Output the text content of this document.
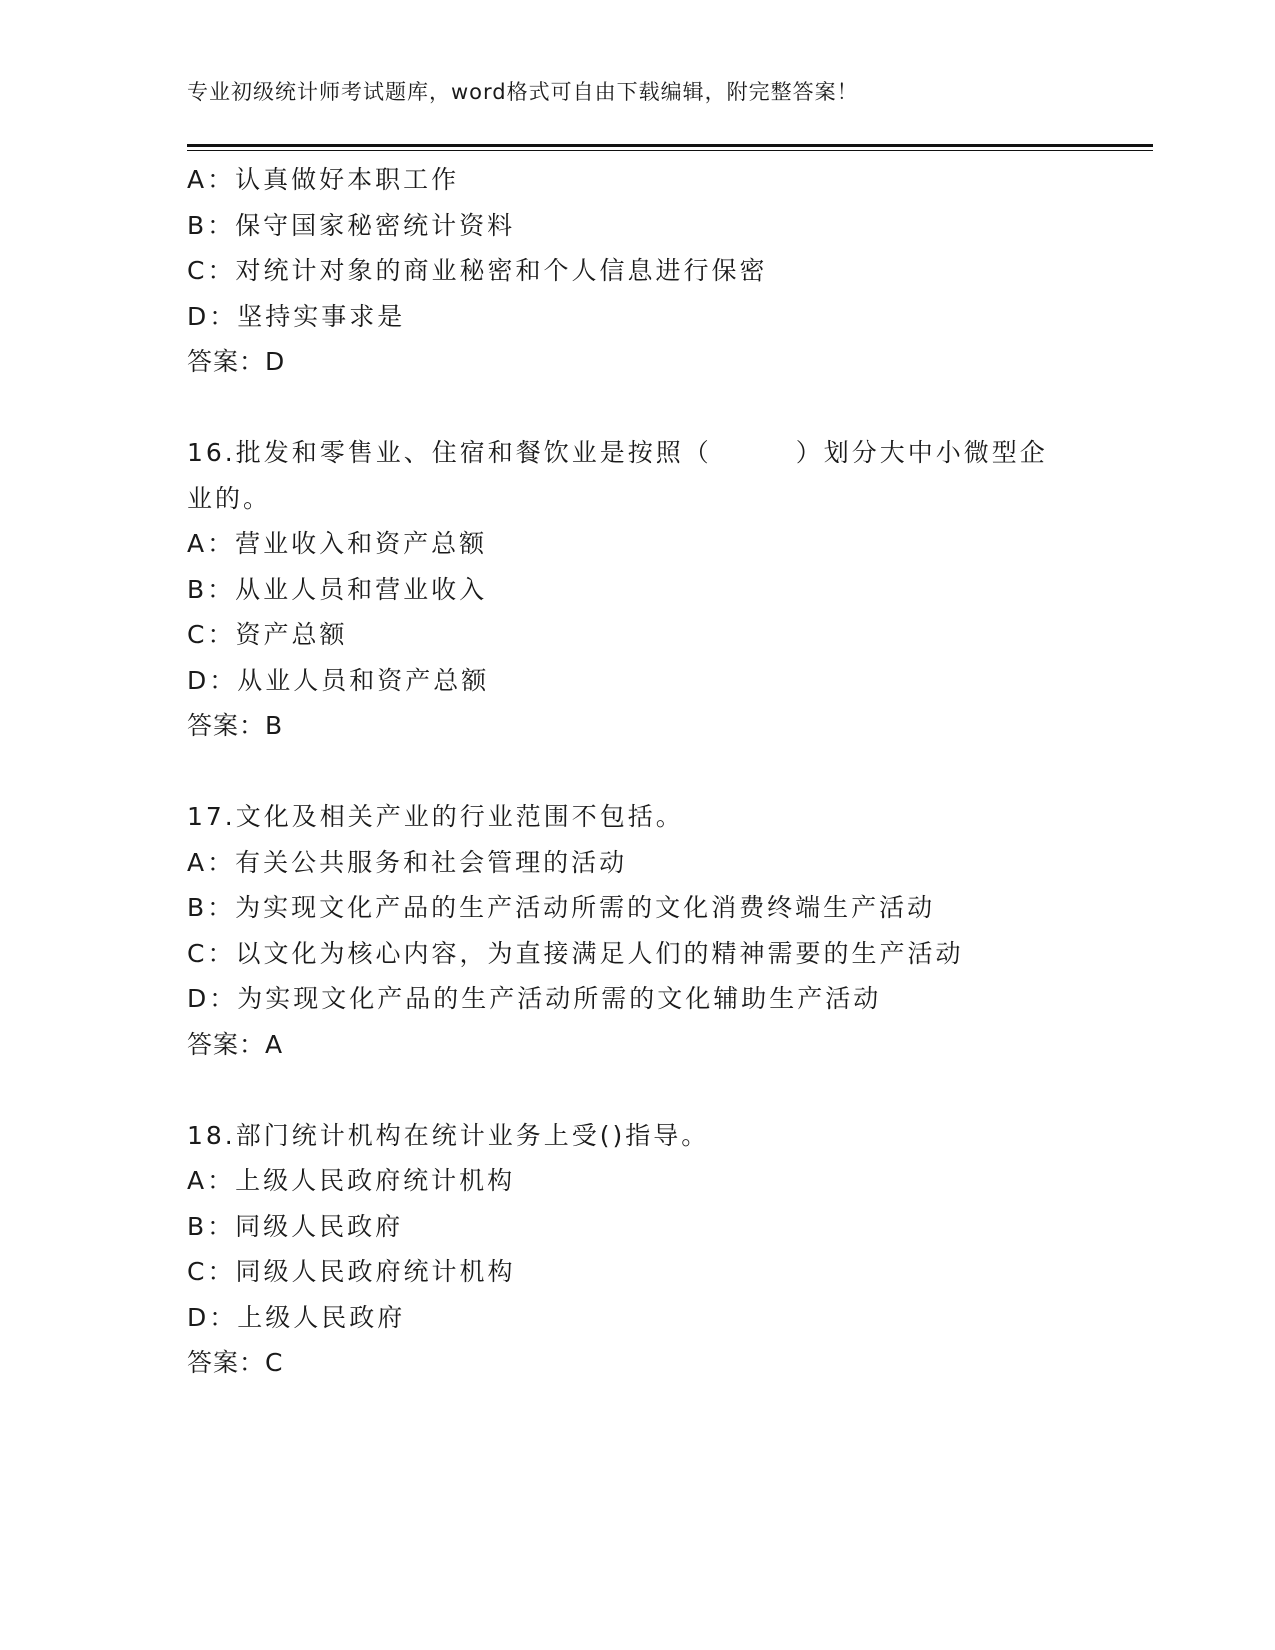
专业初级统计师考试题库，word格式可自由下载编辑，附完整答案！
A：认真做好本职工作
B：保守国家秘密统计资料
C：对统计对象的商业秘密和个人信息进行保密
D：坚持实事求是
答案：D
16.批发和零售业、住宿和餐饮业是按照（　　　）划分大中小微型企
业的。
A：营业收入和资产总额
B：从业人员和营业收入
C：资产总额
D：从业人员和资产总额
答案：B
17.文化及相关产业的行业范围不包括。
A：有关公共服务和社会管理的活动
B：为实现文化产品的生产活动所需的文化消费终端生产活动
C：以文化为核心内容，为直接满足人们的精神需要的生产活动
D：为实现文化产品的生产活动所需的文化辅助生产活动
答案：A
18.部门统计机构在统计业务上受()指导。
A：上级人民政府统计机构
B：同级人民政府
C：同级人民政府统计机构
D：上级人民政府
答案：C
